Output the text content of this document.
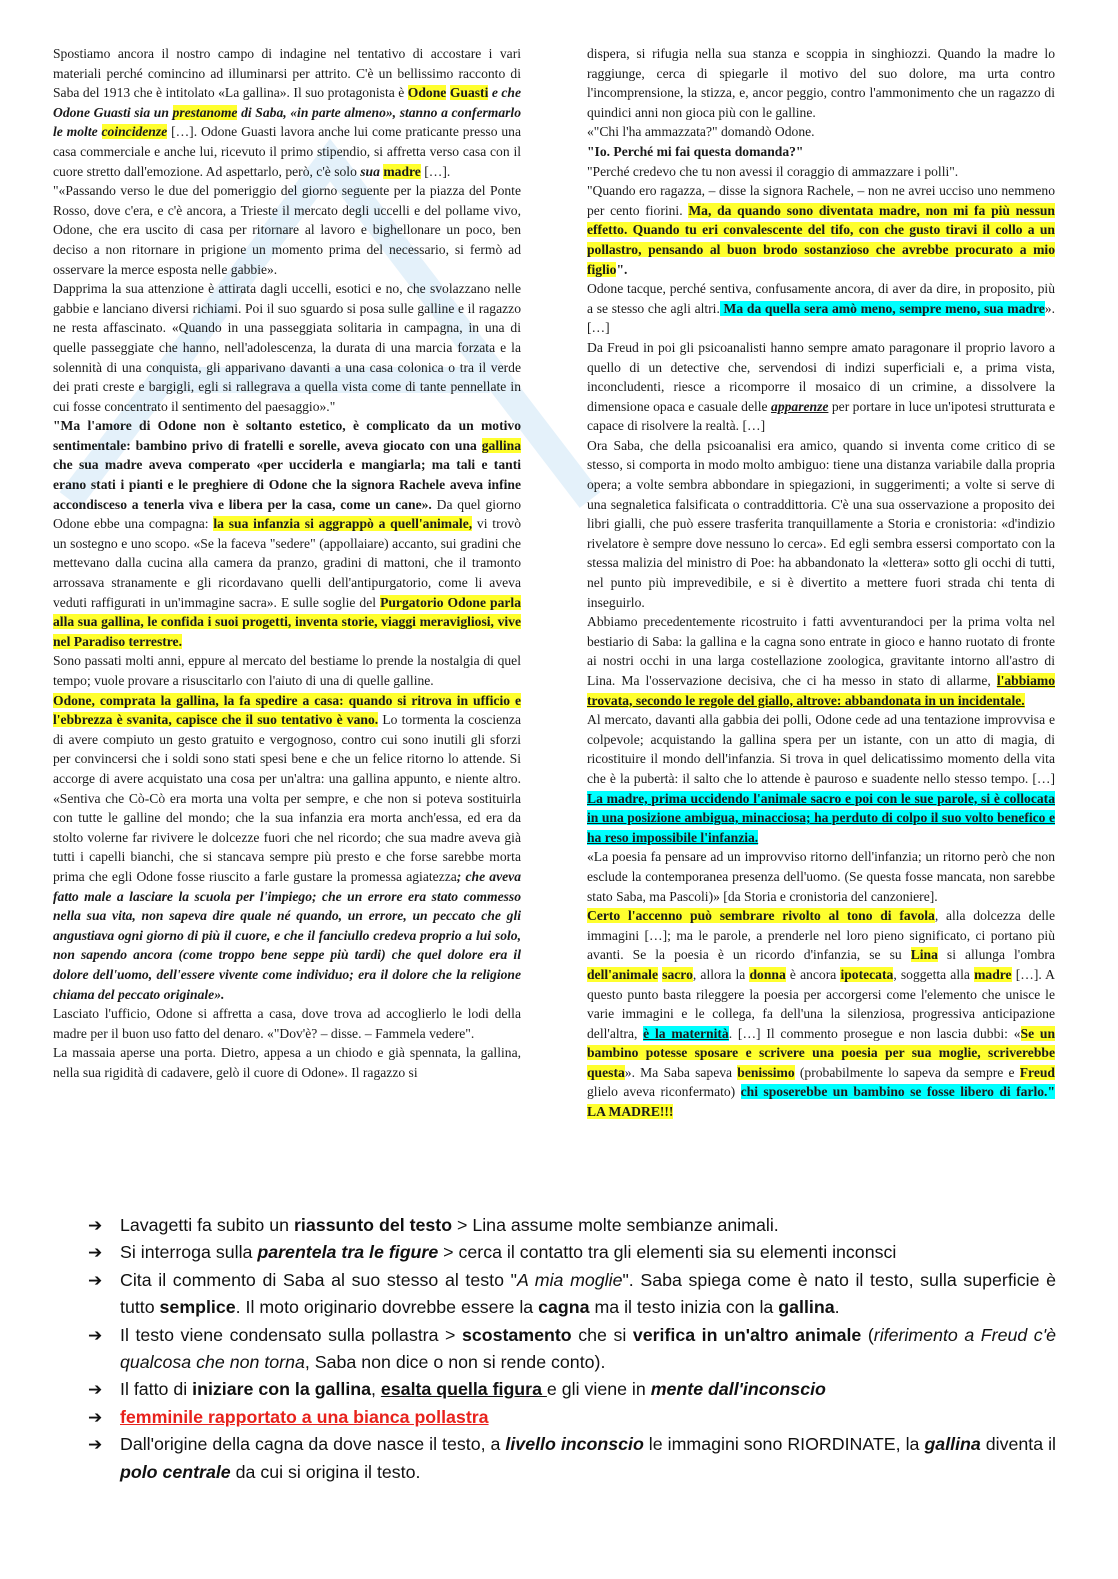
Spostiamo ancora il nostro campo di indagine nel tentativo di accostare i vari materiali perché comincino ad illuminarsi per attrito. C'è un bellissimo racconto di Saba del 1913 che è intitolato «La gallina». Il suo protagonista è Odone Guasti e che Odone Guasti sia un prestanome di Saba, «in parte almeno», stanno a confermarlo le molte coincidenze […]. Odone Guasti lavora anche lui come praticante presso una casa commerciale e anche lui, ricevuto il primo stipendio, si affretta verso casa con il cuore stretto dall'emozione. Ad aspettarlo, però, c'è solo sua madre […].

"«Passando verso le due del pomeriggio del giorno seguente per la piazza del Ponte Rosso, dove c'era, e c'è ancora, a Trieste il mercato degli uccelli e del pollame vivo, Odone, che era uscito di casa per ritornare al lavoro e bighellonare un poco, ben deciso a non ritornare in prigione un momento prima del necessario, si fermò ad osservare la merce esposta nelle gabbie».

Dapprima la sua attenzione è attirata dagli uccelli, esotici e no, che svolazzano nelle gabbie e lanciano diversi richiami. Poi il suo sguardo si posa sulle galline e il ragazzo ne resta affascinato. «Quando in una passeggiata solitaria in campagna, in una di quelle passeggiate che hanno, nell'adolescenza, la durata di una marcia forzata e la solennità di una conquista, gli apparivano davanti a una casa colonica o tra il verde dei prati creste e bargigli, egli si rallegrava a quella vista come di tante pennellate in cui fosse concentrato il sentimento del paesaggio»."

"Ma l'amore di Odone non è soltanto estetico, è complicato da un motivo sentimentale: bambino privo di fratelli e sorelle, aveva giocato con una gallina che sua madre aveva comperato «per ucciderla e mangiarla; ma tali e tanti erano stati i pianti e le preghiere di Odone che la signora Rachele aveva infine accondisceso a tenerla viva e libera per la casa, come un cane». Da quel giorno Odone ebbe una compagna: la sua infanzia si aggrappò a quell'animale, vi trovò un sostegno e uno scopo. «Se la faceva "sedere" (appollaiare) accanto, sui gradini che mettevano dalla cucina alla camera da pranzo, gradini di mattoni, che il tramonto arrossava stranamente e gli ricordavano quelli dell'antipurgatorio, come li aveva veduti raffigurati in un'immagine sacra». E sulle soglie del Purgatorio Odone parla alla sua gallina, le confida i suoi progetti, inventa storie, viaggi meravigliosi, vive nel Paradiso terrestre.

Sono passati molti anni, eppure al mercato del bestiame lo prende la nostalgia di quel tempo; vuole provare a risuscitarlo con l'aiuto di una di quelle galline.

Odone, comprata la gallina, la fa spedire a casa: quando si ritrova in ufficio e l'ebbrezza è svanita, capisce che il suo tentativo è vano. Lo tormenta la coscienza di avere compiuto un gesto gratuito e vergognoso, contro cui sono inutili gli sforzi per convincersi che i soldi sono stati spesi bene e che un felice ritorno lo attende. Si accorge di avere acquistato una cosa per un'altra: una gallina appunto, e niente altro. «Sentiva che Cò-Cò era morta una volta per sempre, e che non si poteva sostituirla con tutte le galline del mondo; che la sua infanzia era morta anch'essa, ed era da stolto volerne far rivivere le dolcezze fuori che nel ricordo; che sua madre aveva già tutti i capelli bianchi, che si stancava sempre più presto e che forse sarebbe morta prima che egli Odone fosse riuscito a farle gustare la promessa agiatezza; che aveva fatto male a lasciare la scuola per l'impiego; che un errore era stato commesso nella sua vita, non sapeva dire quale né quando, un errore, un peccato che gli angustiava ogni giorno di più il cuore, e che il fanciullo credeva proprio a lui solo, non sapendo ancora (come troppo bene seppe più tardi) che quel dolore era il dolore dell'uomo, dell'essere vivente come individuo; era il dolore che la religione chiama del peccato originale».

Lasciato l'ufficio, Odone si affretta a casa, dove trova ad accoglierlo le lodi della madre per il buon uso fatto del denaro. «"Dov'è? – disse. – Fammela vedere".

La massaia aperse una porta. Dietro, appesa a un chiodo e già spennata, la gallina, nella sua rigidità di cadavere, gelò il cuore di Odone». Il ragazzo si

dispera, si rifugia nella sua stanza e scoppia in singhiozzi. Quando la madre lo raggiunge, cerca di spiegarle il motivo del suo dolore, ma urta contro l'incomprensione, la stizza, e, ancor peggio, contro l'ammonimento che un ragazzo di quindici anni non gioca più con le galline.

«"Chi l'ha ammazzata?" domandò Odone.

"Io. Perché mi fai questa domanda?"

"Perché credevo che tu non avessi il coraggio di ammazzare i polli".

"Quando ero ragazza, – disse la signora Rachele, – non ne avrei ucciso uno nemmeno per cento fiorini. Ma, da quando sono diventata madre, non mi fa più nessun effetto. Quando tu eri convalescente del tifo, con che gusto tiravi il collo a un pollastro, pensando al buon brodo sostanzioso che avrebbe procurato a mio figlio".

Odone tacque, perché sentiva, confusamente ancora, di aver da dire, in proposito, più a se stesso che agli altri. Ma da quella sera amò meno, sempre meno, sua madre». […]

Da Freud in poi gli psicoanalisti hanno sempre amato paragonare il proprio lavoro a quello di un detective che, servendosi di indizi superficiali e, a prima vista, inconcludenti, riesce a ricomporre il mosaico di un crimine, a dissolvere la dimensione opaca e casuale delle apparenze per portare in luce un'ipotesi strutturata e capace di risolvere la realtà. […]

Ora Saba, che della psicoanalisi era amico, quando si inventa come critico di se stesso, si comporta in modo molto ambiguo: tiene una distanza variabile dalla propria opera; a volte sembra abbondare in spiegazioni, in suggerimenti; a volte si serve di una segnaletica falsificata o contraddittoria. C'è una sua osservazione a proposito dei libri gialli, che può essere trasferita tranquillamente a Storia e cronistoria: «d'indizio rivelatore è sempre dove nessuno lo cerca». Ed egli sembra essersi comportato con la stessa malizia del ministro di Poe: ha abbandonato la «lettera» sotto gli occhi di tutti, nel punto più imprevedibile, e si è divertito a mettere fuori strada chi tenta di inseguirlo.

Abbiamo precedentemente ricostruito i fatti avventurandoci per la prima volta nel bestiario di Saba: la gallina e la cagna sono entrate in gioco e hanno ruotato di fronte ai nostri occhi in una larga costellazione zoologica, gravitante intorno all'astro di Lina. Ma l'osservazione decisiva, che ci ha messo in stato di allarme, l'abbiamo trovata, secondo le regole del giallo, altrove: abbandonata in un incidentale.

Al mercato, davanti alla gabbia dei polli, Odone cede ad una tentazione improvvisa e colpevole; acquistando la gallina spera per un istante, con un atto di magia, di ricostituire il mondo dell'infanzia. Si trova in quel delicatissimo momento della vita che è la pubertà: il salto che lo attende è pauroso e suadente nello stesso tempo. […] La madre, prima uccidendo l'animale sacro e poi con le sue parole, si è collocata in una posizione ambigua, minacciosa; ha perduto di colpo il suo volto benefico e ha reso impossibile l'infanzia.

«La poesia fa pensare ad un improvviso ritorno dell'infanzia; un ritorno però che non esclude la contemporanea presenza dell'uomo. (Se questa fosse mancata, non sarebbe stato Saba, ma Pascoli)» [da Storia e cronistoria del canzoniere].

Certo l'accenno può sembrare rivolto al tono di favola, alla dolcezza delle immagini […]; ma le parole, a prenderle nel loro pieno significato, ci portano più avanti. Se la poesia è un ricordo d'infanzia, se su Lina si allunga l'ombra dell'animale sacro, allora la donna è ancora ipotecata, soggetta alla madre […]. A questo punto basta rileggere la poesia per accorgersi come l'elemento che unisce le varie immagini e le collega, fa dell'una la silenziosa, progressiva anticipazione dell'altra, è la maternità. […] Il commento prosegue e non lascia dubbi: «Se un bambino potesse sposare e scrivere una poesia per sua moglie, scriverebbe questa». Ma Saba sapeva benissimo (probabilmente lo sapeva da sempre e Freud glielo aveva riconfermato) chi sposerebbe un bambino se fosse libero di farlo." LA MADRE!!!

➔ Lavagetti fa subito un riassunto del testo > Lina assume molte sembianze animali.
➔ Si interroga sulla parentela tra le figure > cerca il contatto tra gli elementi sia su elementi inconsci
➔ Cita il commento di Saba al suo stesso al testo "A mia moglie". Saba spiega come è nato il testo, sulla superficie è tutto semplice. Il moto originario dovrebbe essere la cagna ma il testo inizia con la gallina.
➔ Il testo viene condensato sulla pollastra > scostamento che si verifica in un'altro animale (riferimento a Freud c'è qualcosa che non torna, Saba non dice o non si rende conto).
➔ Il fatto di iniziare con la gallina, esalta quella figura e gli viene in mente dall'inconscio
➔ femminile rapportato a una bianca pollastra
➔ Dall'origine della cagna da dove nasce il testo, a livello inconscio le immagini sono RIORDINATE, la gallina diventa il polo centrale da cui si origina il testo.
